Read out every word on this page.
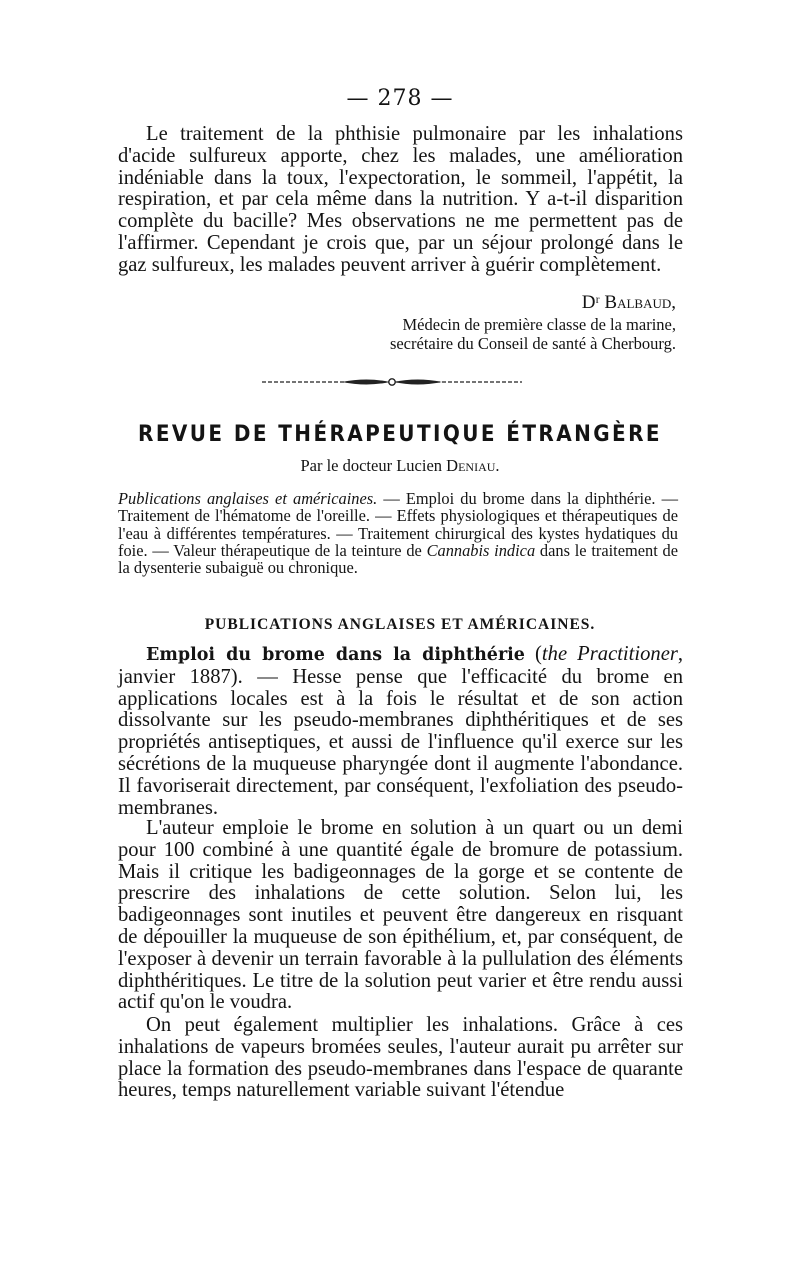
— 278 —

Le traitement de la phthisie pulmonaire par les inhalations d'acide sulfureux apporte, chez les malades, une amélioration indéniable dans la toux, l'expectoration, le sommeil, l'appétit, la respiration, et par cela même dans la nutrition. Y a-t-il disparition complète du bacille? Mes observations ne me permettent pas de l'affirmer. Cependant je crois que, par un séjour prolongé dans le gaz sulfureux, les malades peuvent arriver à guérir complètement.

Dʳ Balbaud,
Médecin de première classe de la marine,
secrétaire du Conseil de santé à Cherbourg.
REVUE DE THÉRAPEUTIQUE ÉTRANGÈRE
Par le docteur Lucien Deniau.

Publications anglaises et américaines. — Emploi du brome dans la diphthérie. — Traitement de l'hématome de l'oreille. — Effets physiologiques et thérapeutiques de l'eau à différentes températures. — Traitement chirurgical des kystes hydatiques du foie. — Valeur thérapeutique de la teinture de Cannabis indica dans le traitement de la dysenterie subaiguë ou chronique.

PUBLICATIONS ANGLAISES ET AMÉRICAINES.

Emploi du brome dans la diphthérie (the Practitioner, janvier 1887). — Hesse pense que l'efficacité du brome en applications locales est à la fois le résultat et de son action dissolvante sur les pseudo-membranes diphthéritiques et de ses propriétés antiseptiques, et aussi de l'influence qu'il exerce sur les sécrétions de la muqueuse pharyngée dont il augmente l'abondance. Il favoriserait directement, par conséquent, l'exfoliation des pseudo-membranes.

L'auteur emploie le brome en solution à un quart ou un demi pour 100 combiné à une quantité égale de bromure de potassium. Mais il critique les badigeonnages de la gorge et se contente de prescrire des inhalations de cette solution. Selon lui, les badigeonnages sont inutiles et peuvent être dangereux en risquant de dépouiller la muqueuse de son épithélium, et, par conséquent, de l'exposer à devenir un terrain favorable à la pullulation des éléments diphthéritiques. Le titre de la solution peut varier et être rendu aussi actif qu'on le voudra.

On peut également multiplier les inhalations. Grâce à ces inhalations de vapeurs bromées seules, l'auteur aurait pu arrêter sur place la formation des pseudo-membranes dans l'espace de quarante heures, temps naturellement variable suivant l'étendue
